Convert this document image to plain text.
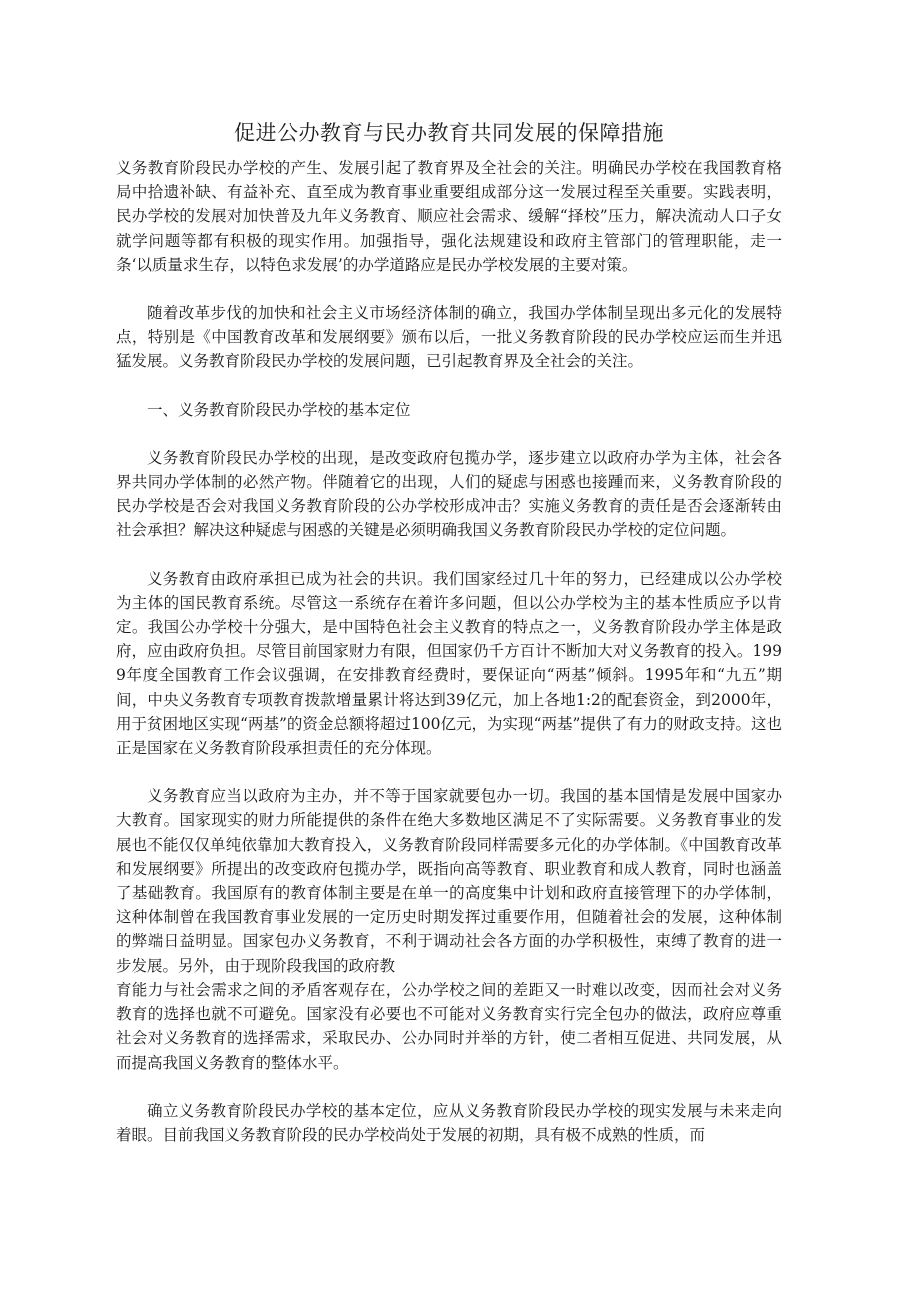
促进公办教育与民办教育共同发展的保障措施

义务教育阶段民办学校的产生、发展引起了教育界及全社会的关注。明确民办学校在我国教育格局中拾遗补缺、有益补充、直至成为教育事业重要组成部分这一发展过程至关重要。实践表明，民办学校的发展对加快普及九年义务教育、顺应社会需求、缓解“择校”压力，解决流动人口子女就学问题等都有积极的现实作用。加强指导，强化法规建设和政府主管部门的管理职能，走一条‘以质量求生存，以特色求发展’的办学道路应是民办学校发展的主要对策。

随着改革步伐的加快和社会主义市场经济体制的确立，我国办学体制呈现出多元化的发展特点，特别是《中国教育改革和发展纲要》颁布以后，一批义务教育阶段的民办学校应运而生并迅猛发展。义务教育阶段民办学校的发展问题，已引起教育界及全社会的关注。

一、义务教育阶段民办学校的基本定位

义务教育阶段民办学校的出现，是改变政府包揽办学，逐步建立以政府办学为主体，社会各界共同办学体制的必然产物。伴随着它的出现，人们的疑虑与困惑也接踵而来，义务教育阶段的民办学校是否会对我国义务教育阶段的公办学校形成冲击？实施义务教育的责任是否会逐渐转由社会承担？解决这种疑虑与困惑的关键是必须明确我国义务教育阶段民办学校的定位问题。

义务教育由政府承担已成为社会的共识。我们国家经过几十年的努力，已经建成以公办学校为主体的国民教育系统。尽管这一系统存在着许多问题，但以公办学校为主的基本性质应予以肯定。我国公办学校十分强大，是中国特色社会主义教育的特点之一，义务教育阶段办学主体是政府，应由政府负担。尽管目前国家财力有限，但国家仍千方百计不断加大对义务教育的投入。1999年度全国教育工作会议强调，在安排教育经费时，要保证向“两基”倾斜。1995年和“九五”期间，中央义务教育专项教育拨款增量累计将达到39亿元，加上各地1:2的配套资金，到2000年，用于贫困地区实现“两基”的资金总额将超过100亿元，为实现“两基”提供了有力的财政支持。这也正是国家在义务教育阶段承担责任的充分体现。

义务教育应当以政府为主办，并不等于国家就要包办一切。我国的基本国情是发展中国家办大教育。国家现实的财力所能提供的条件在绝大多数地区满足不了实际需要。义务教育事业的发展也不能仅仅单纯依靠加大教育投入，义务教育阶段同样需要多元化的办学体制。《中国教育改革和发展纲要》所提出的改变政府包揽办学，既指向高等教育、职业教育和成人教育，同时也涵盖了基础教育。我国原有的教育体制主要是在单一的高度集中计划和政府直接管理下的办学体制，这种体制曾在我国教育事业发展的一定历史时期发挥过重要作用，但随着社会的发展，这种体制的弊端日益明显。国家包办义务教育，不利于调动社会各方面的办学积极性，束缚了教育的进一步发展。另外，由于现阶段我国的政府教

育能力与社会需求之间的矛盾客观存在，公办学校之间的差距又一时难以改变，因而社会对义务教育的选择也就不可避免。国家没有必要也不可能对义务教育实行完全包办的做法，政府应尊重社会对义务教育的选择需求，采取民办、公办同时并举的方针，使二者相互促进、共同发展，从而提高我国义务教育的整体水平。

确立义务教育阶段民办学校的基本定位，应从义务教育阶段民办学校的现实发展与未来走向着眼。目前我国义务教育阶段的民办学校尚处于发展的初期，具有极不成熟的性质，而
